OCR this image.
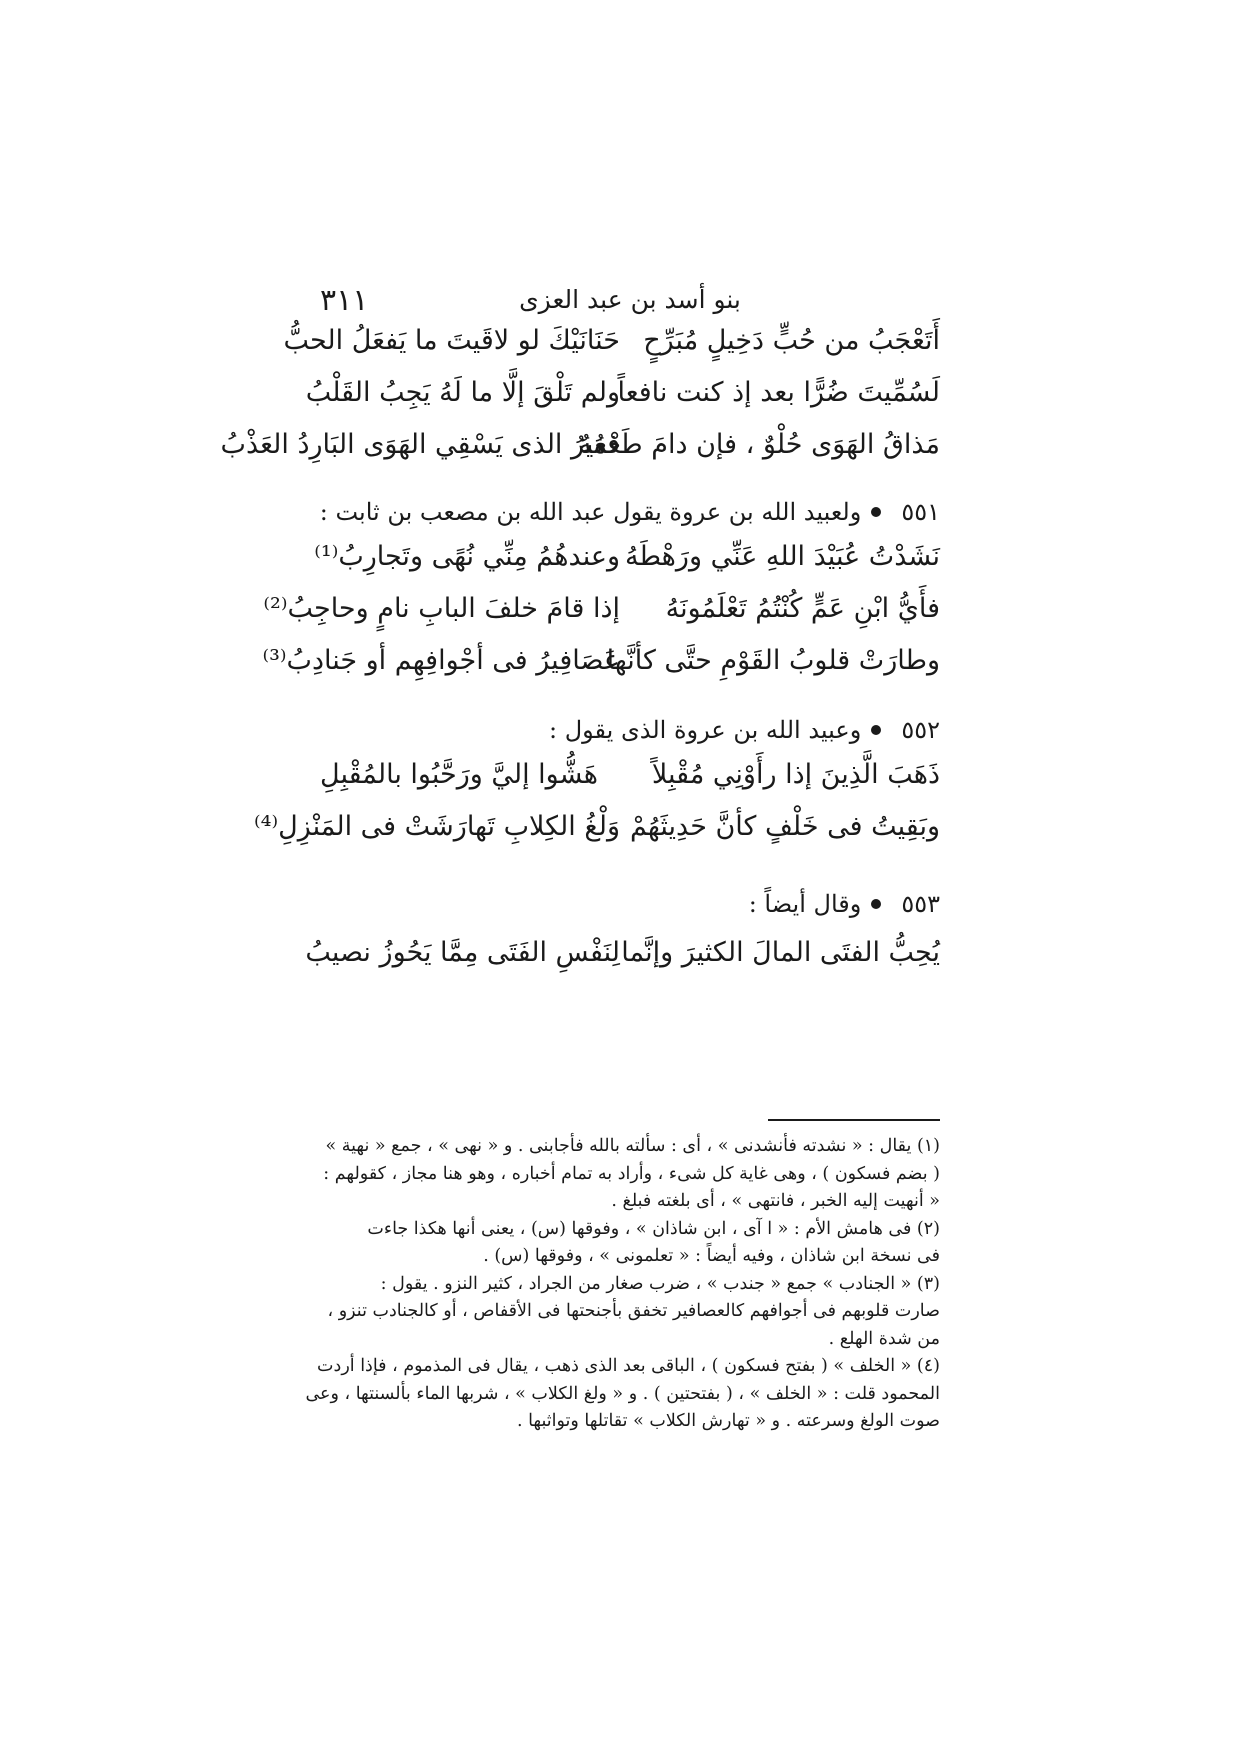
٣١١	بنو أسد بن عبد العزى
أَتَعْجَبُ من حُبٍّ دَخِيلٍ مُبَرِّحٍ
حَنَانَيْكَ لو لاقَيتَ ما يَفعَلُ الحبُّ
لَسُمِّيتَ ضُرًّا بعد إذ كنت نافعاً
ولم تَلْقَ إلَّا ما لَهُ يَجِبُ القَلْبُ
مَذاقُ الهَوَى حُلْوٌ ، فإن دامَ طَعْمُهُ
فغيرُ الذى يَسْقِي الهَوَى البَارِدُ العَذْبُ
٥٥١ولعبيد الله بن عروة يقول عبد الله بن مصعب بن ثابت :
نَشَدْتُ عُبَيْدَ اللهِ عَنِّي ورَهْطَهُ
وعندهُمُ مِنِّي نُهًى وتَجارِبُ⁽¹⁾
فأَيُّ ابْنِ عَمٍّ كُنْتُمُ تَعْلَمُونَهُ
إذا قامَ خلفَ البابِ نامٍ وحاجِبُ⁽²⁾
وطارَتْ قلوبُ القَوْمِ حتَّى كأنَّها
عَصَافِيرُ فى أجْوافِهِم أو جَنادِبُ⁽³⁾
٥٥٢وعبيد الله بن عروة الذى يقول :
ذَهَبَ الَّذِينَ إذا رأَوْنِي مُقْبِلاً
هَشُّوا إليَّ ورَحَّبُوا بالمُقْبِلِ
وبَقِيتُ فى خَلْفٍ كأنَّ حَدِيثَهُمْ
وَلْغُ الكِلابِ تَهارَشَتْ فى المَنْزِلِ⁽⁴⁾
٥٥٣وقال أيضاً :
يُحِبُّ الفتَى المالَ الكثيرَ وإنَّما
لِنَفْسِ الفَتَى مِمَّا يَحُوزُ نصيبُ
(١) يقال : « نشدته فأنشدنى » ، أى : سألته بالله فأجابنى . و « نهى » ، جمع « نهية »
( بضم فسكون ) ، وهى غاية كل شىء ، وأراد به تمام أخباره ، وهو هنا مجاز ، كقولهم :
« أنهيت إليه الخبر ، فانتهى » ، أى بلغته فبلغ .
(٢) فى هامش الأم : « ا آى ، ابن شاذان » ، وفوقها (س) ، يعنى أنها هكذا جاءت
فى نسخة ابن شاذان ، وفيه أيضاً : « تعلمونى » ، وفوقها (س) .
(٣) « الجنادب » جمع « جندب » ، ضرب صغار من الجراد ، كثير النزو . يقول :
صارت قلوبهم فى أجوافهم كالعصافير تخفق بأجنحتها فى الأقفاص ، أو كالجنادب تنزو ،
من شدة الهلع .
(٤) « الخلف » ( بفتح فسكون ) ، الباقى بعد الذى ذهب ، يقال فى المذموم ، فإذا أردت
المحمود قلت : « الخلف » ، ( بفتحتين ) . و « ولغ الكلاب » ، شربها الماء بألسنتها ، وعى
صوت الولغ وسرعته . و « تهارش الكلاب » تقاتلها وتواثبها .
